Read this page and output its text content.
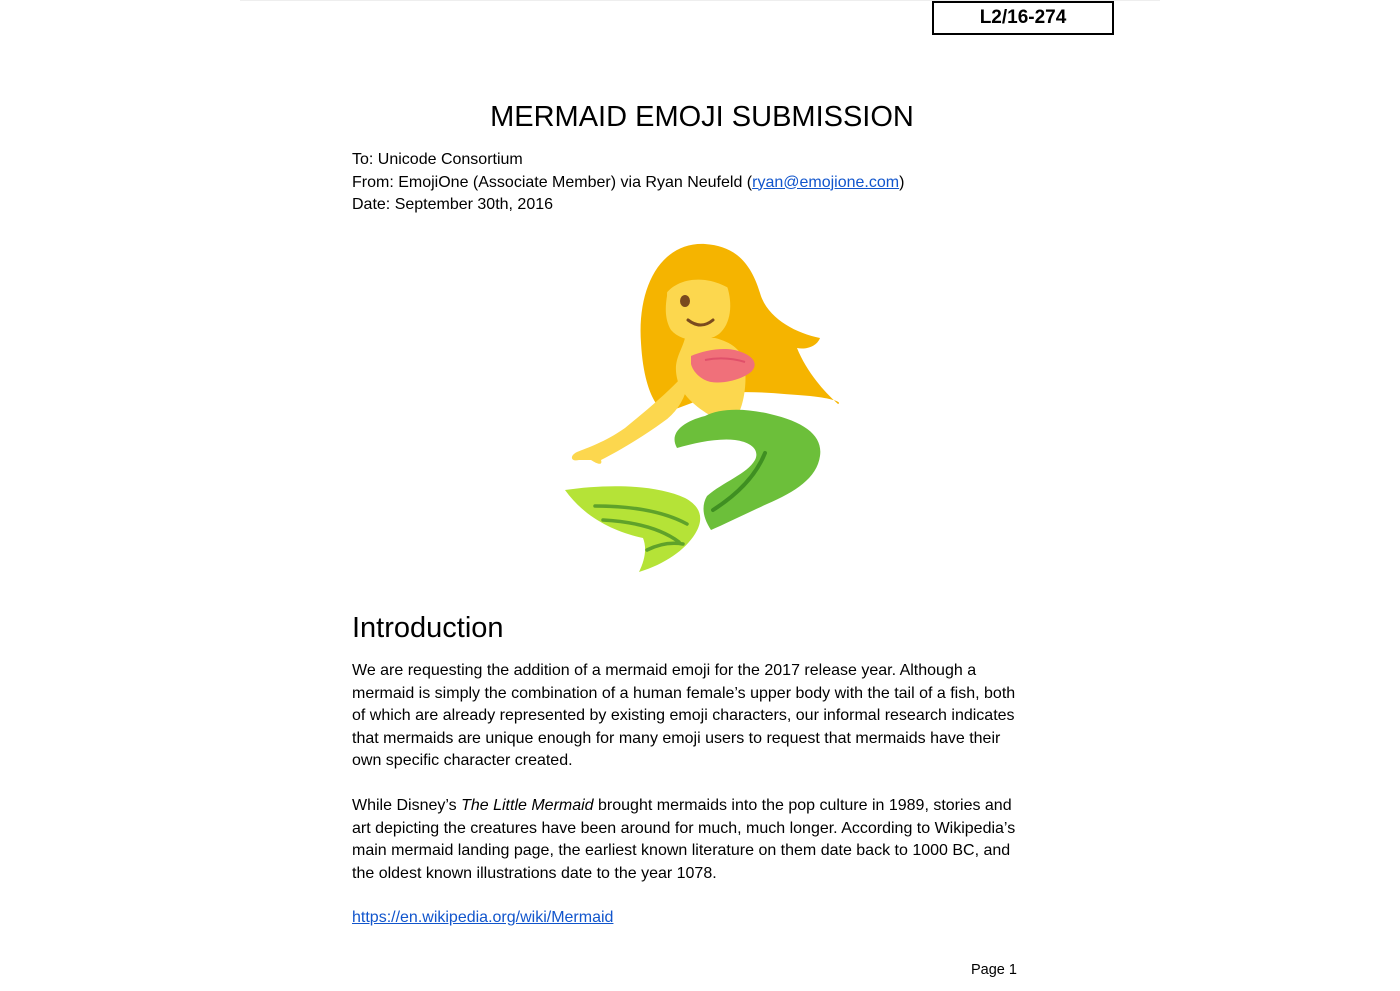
L2/16-274
MERMAID EMOJI SUBMISSION
To: Unicode Consortium
From: EmojiOne (Associate Member) via Ryan Neufeld (ryan@emojione.com)
Date: September 30th, 2016
Introduction
We are requesting the addition of a mermaid emoji for the 2017 release year. Although a
mermaid is simply the combination of a human female’s upper body with the tail of a fish, both
of which are already represented by existing emoji characters, our informal research indicates
that mermaids are unique enough for many emoji users to request that mermaids have their
own specific character created.
While Disney’s The Little Mermaid brought mermaids into the pop culture in 1989, stories and
art depicting the creatures have been around for much, much longer. According to Wikipedia’s
main mermaid landing page, the earliest known literature on them date back to 1000 BC, and
the oldest known illustrations date to the year 1078.
https://en.wikipedia.org/wiki/Mermaid
Page 1
